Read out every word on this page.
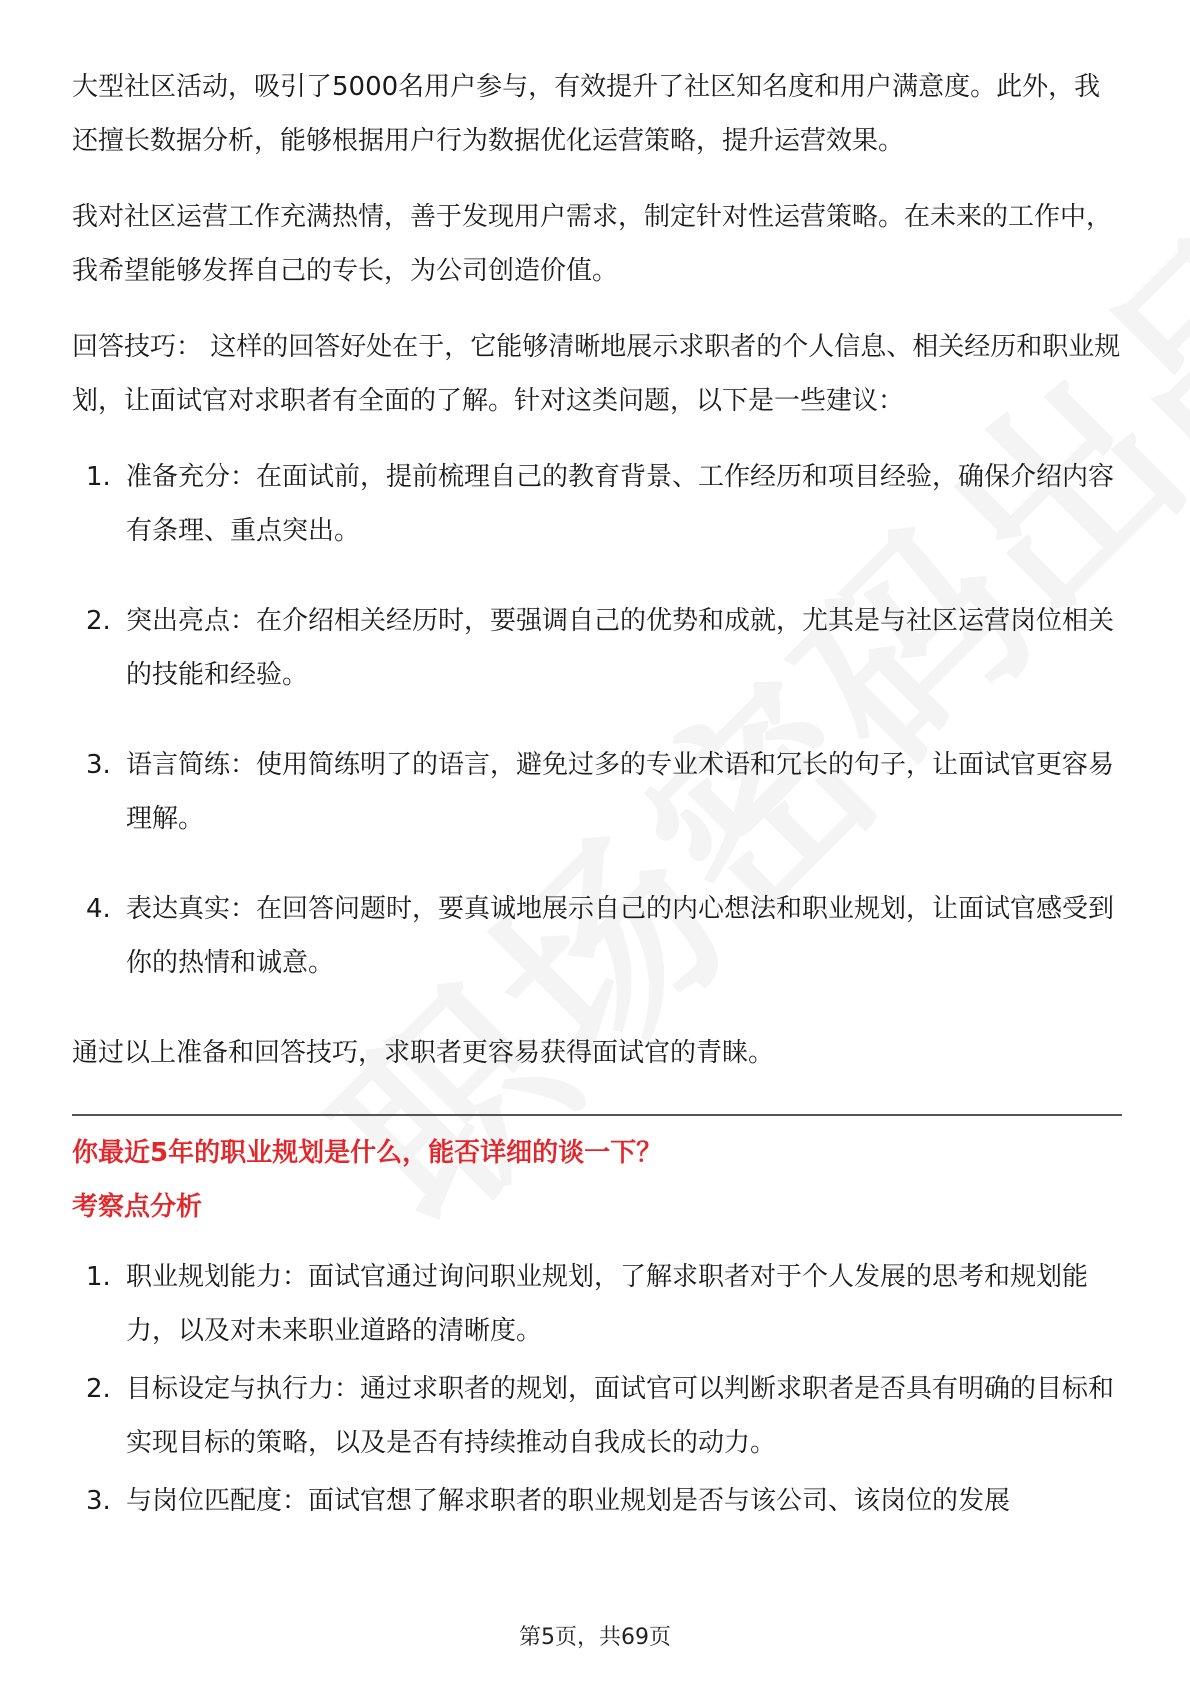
大型社区活动，吸引了5000名用户参与，有效提升了社区知名度和用户满意度。此外，我还擅长数据分析，能够根据用户行为数据优化运营策略，提升运营效果。

我对社区运营工作充满热情，善于发现用户需求，制定针对性运营策略。在未来的工作中，我希望能够发挥自己的专长，为公司创造价值。

回答技巧： 这样的回答好处在于，它能够清晰地展示求职者的个人信息、相关经历和职业规划，让面试官对求职者有全面的了解。针对这类问题，以下是一些建议：

1. 准备充分：在面试前，提前梳理自己的教育背景、工作经历和项目经验，确保介绍内容有条理、重点突出。
2. 突出亮点：在介绍相关经历时，要强调自己的优势和成就，尤其是与社区运营岗位相关的技能和经验。
3. 语言简练：使用简练明了的语言，避免过多的专业术语和冗长的句子，让面试官更容易理解。
4. 表达真实：在回答问题时，要真诚地展示自己的内心想法和职业规划，让面试官感受到你的热情和诚意。

通过以上准备和回答技巧，求职者更容易获得面试官的青睐。

你最近5年的职业规划是什么，能否详细的谈一下？

考察点分析

1. 职业规划能力：面试官通过询问职业规划，了解求职者对于个人发展的思考和规划能力，以及对未来职业道路的清晰度。
2. 目标设定与执行力：通过求职者的规划，面试官可以判断求职者是否具有明确的目标和实现目标的策略，以及是否有持续推动自我成长的动力。
3. 与岗位匹配度：面试官想了解求职者的职业规划是否与该公司、该岗位的发展
第5页，共69页
